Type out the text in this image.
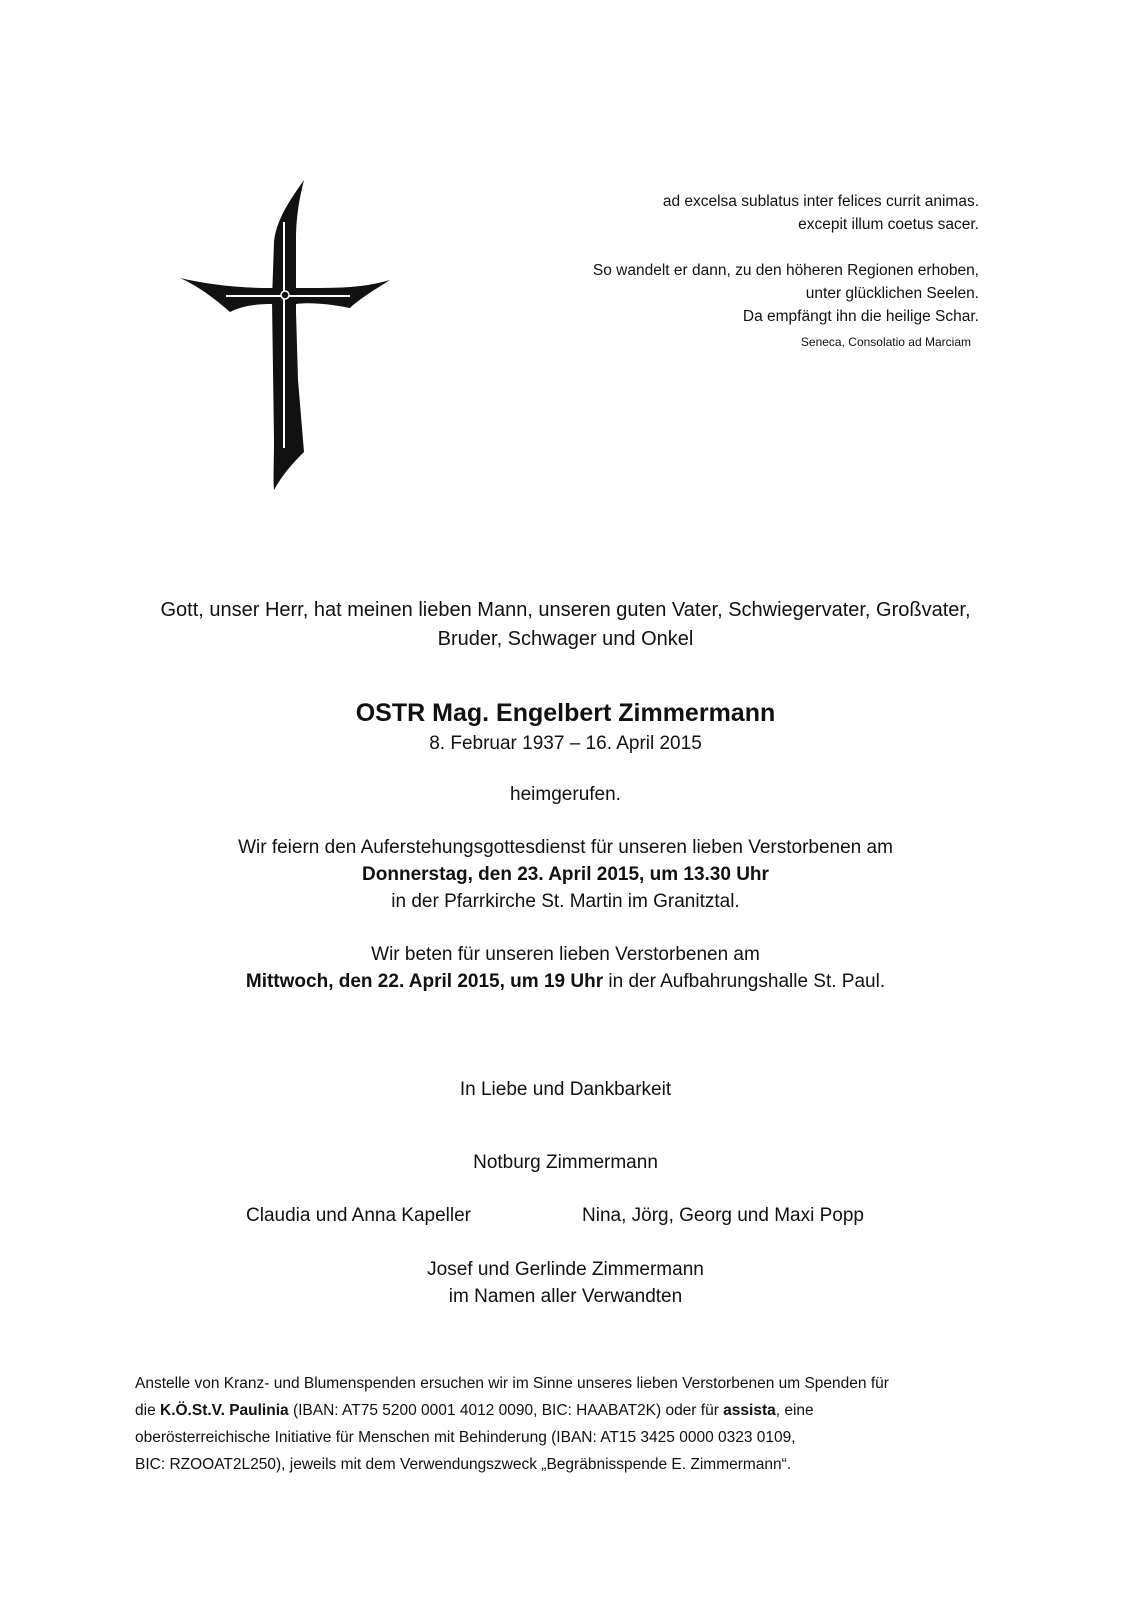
ad excelsa sublatus inter felices currit animas.

excepit illum coetus sacer.

So wandelt er dann, zu den höheren Regionen erhoben,

unter glücklichen Seelen.

Da empfängt ihn die heilige Schar.

Seneca, Consolatio ad Marciam

Gott, unser Herr, hat meinen lieben Mann, unseren guten Vater, Schwiegervater, Großvater,
Bruder, Schwager und Onkel
OSTR Mag. Engelbert Zimmermann
8. Februar 1937 – 16. April 2015
heimgerufen.
Wir feiern den Auferstehungsgottesdienst für unseren lieben Verstorbenen am
Donnerstag, den 23. April 2015, um 13.30 Uhr
in der Pfarrkirche St. Martin im Granitztal.
Wir beten für unseren lieben Verstorbenen am
Mittwoch, den 22. April 2015, um 19 Uhr in der Aufbahrungshalle St. Paul.
In Liebe und Dankbarkeit
Notburg Zimmermann
Claudia und Anna Kapeller	Nina, Jörg, Georg und Maxi Popp
Josef und Gerlinde Zimmermann
im Namen aller Verwandten
Anstelle von Kranz- und Blumenspenden ersuchen wir im Sinne unseres lieben Verstorbenen um Spenden für
die K.Ö.St.V. Paulinia (IBAN: AT75 5200 0001 4012 0090, BIC: HAABAT2K) oder für assista, eine
oberösterreichische Initiative für Menschen mit Behinderung (IBAN: AT15 3425 0000 0323 0109,
BIC: RZOOAT2L250), jeweils mit dem Verwendungszweck „Begräbnisspende E. Zimmermann“.
